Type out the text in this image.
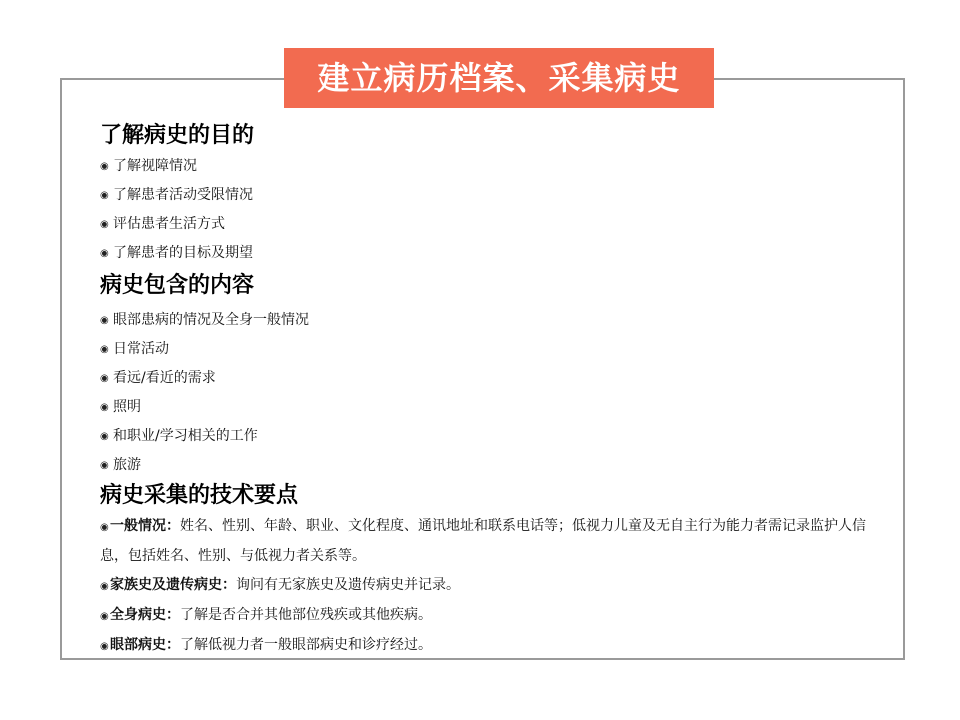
建立病历档案、采集病史
了解病史的目的
◉ 了解视障情况
◉ 了解患者活动受限情况
◉ 评估患者生活方式
◉ 了解患者的目标及期望
病史包含的内容
◉ 眼部患病的情况及全身一般情况
◉ 日常活动
◉ 看远/看近的需求
◉ 照明
◉ 和职业/学习相关的工作
◉ 旅游
病史采集的技术要点
◉一般情况：姓名、性别、年龄、职业、文化程度、通讯地址和联系电话等；低视力儿童及无自主行为能力者需记录监护人信息，包括姓名、性别、与低视力者关系等。
◉家族史及遗传病史：询问有无家族史及遗传病史并记录。
◉全身病史：了解是否合并其他部位残疾或其他疾病。
◉眼部病史：了解低视力者一般眼部病史和诊疗经过。
